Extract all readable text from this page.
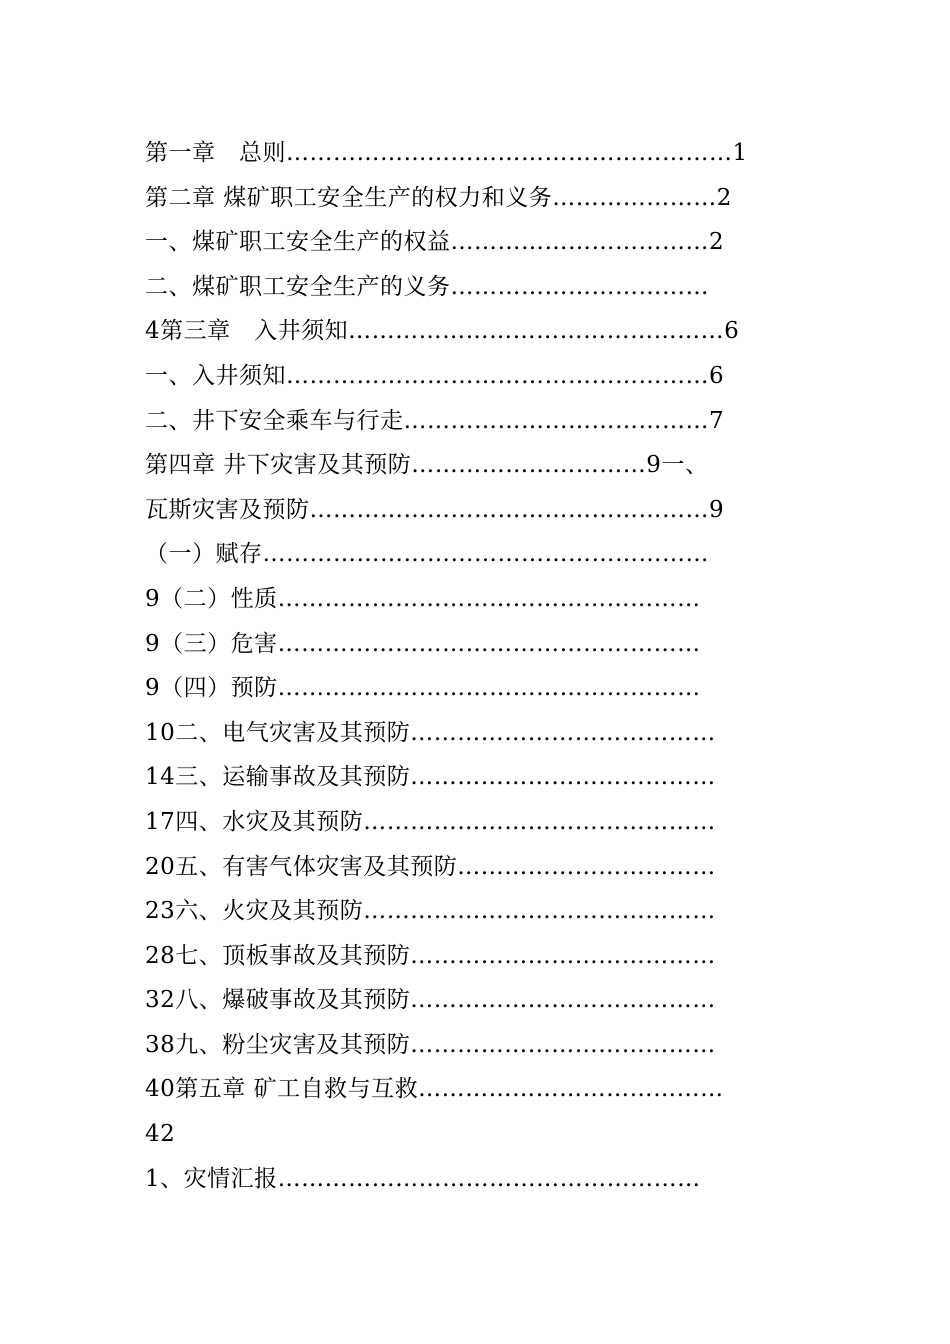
第一章　总则…………………………………………………1
第二章 煤矿职工安全生产的权力和义务…………………2
一、煤矿职工安全生产的权益……………………………2
二、煤矿职工安全生产的义务……………………………
4第三章　入井须知…………………………………………6
一、入井须知………………………………………………6
二、井下安全乘车与行走…………………………………7
第四章 井下灾害及其预防…………………………9一、
瓦斯灾害及预防……………………………………………9
（一）赋存…………………………………………………
9（二）性质………………………………………………
9（三）危害………………………………………………
9（四）预防………………………………………………
10二、电气灾害及其预防…………………………………
14三、运输事故及其预防…………………………………
17四、水灾及其预防………………………………………
20五、有害气体灾害及其预防……………………………
23六、火灾及其预防………………………………………
28七、顶板事故及其预防…………………………………
32八、爆破事故及其预防…………………………………
38九、粉尘灾害及其预防…………………………………
40第五章 矿工自救与互救…………………………………
42
1、灾情汇报………………………………………………
